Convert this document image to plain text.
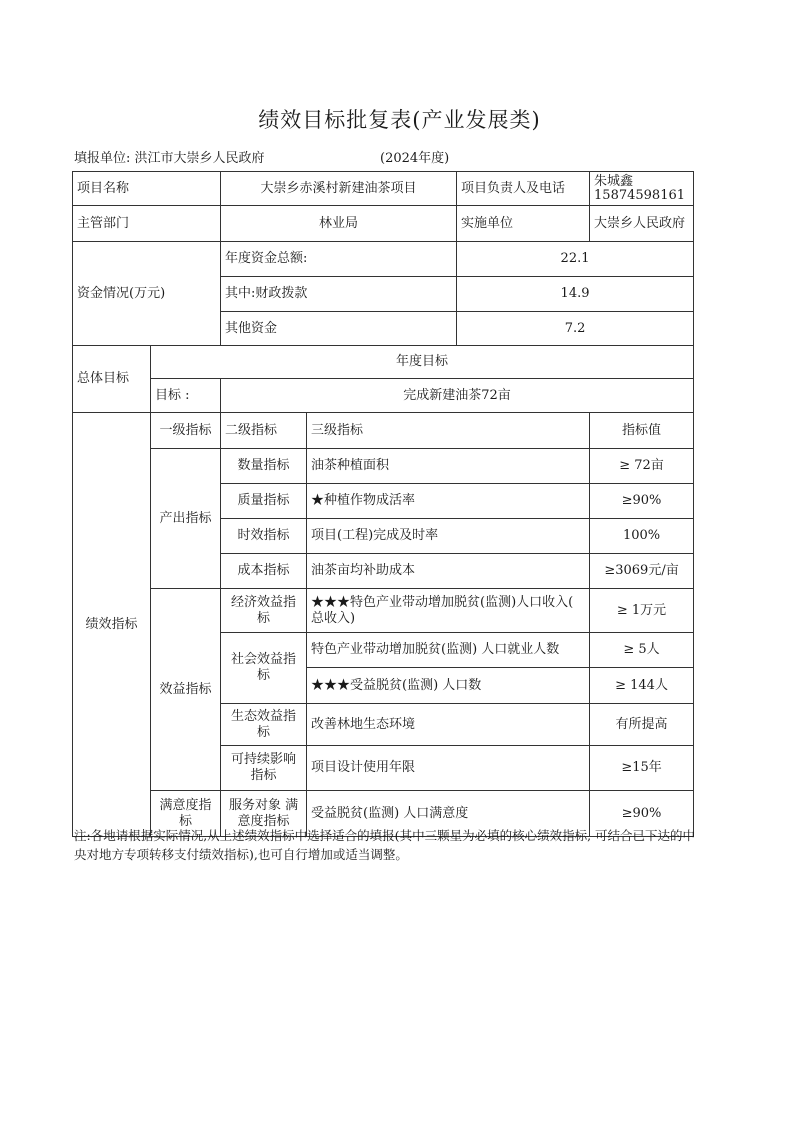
绩效目标批复表(产业发展类)
填报单位: 洪江市大崇乡人民政府	(2024年度)
项目名称		大崇乡赤溪村新建油茶项目		项目负责人及电话	朱城鑫
15874598161

主管部门		林业局		实施单位	大崇乡人民政府
资金情况(万元)		年度资金总额:		22.1	
		其中:财政拨款		14.9	
		其他资金		7.2	
总体目标	年度目标				
	目标 :	完成新建油茶72亩			
绩效指标	一级指标	二级指标	三级指标		指标值
	产出指标	数量指标	油茶种植面积		≥ 72亩
		质量指标	★种植作物成活率		≥90%
		时效指标	项目(工程)完成及时率		100%
		成本指标	油茶亩均补助成本		≥3069元/亩
	效益指标	经济效益指标	★★★特色产业带动增加脱贫(监测)人口收入( 总收入)		≥ 1万元
		社会效益指标	特色产业带动增加脱贫(监测) 人口就业人数		≥ 5人
			★★★受益脱贫(监测) 人口数		≥ 144人
		生态效益指标	改善林地生态环境		有所提高
		可持续影响指标	项目设计使用年限		≥15年
	满意度指标	服务对象 满意度指标	受益脱贫(监测) 人口满意度		≥90%
注:各地请根据实际情况,从上述绩效指标中选择适合的填报(其中三颗星为必填的核心绩效指标, 可结合已下达的中央对地方专项转移支付绩效指标),也可自行增加或适当调整。
